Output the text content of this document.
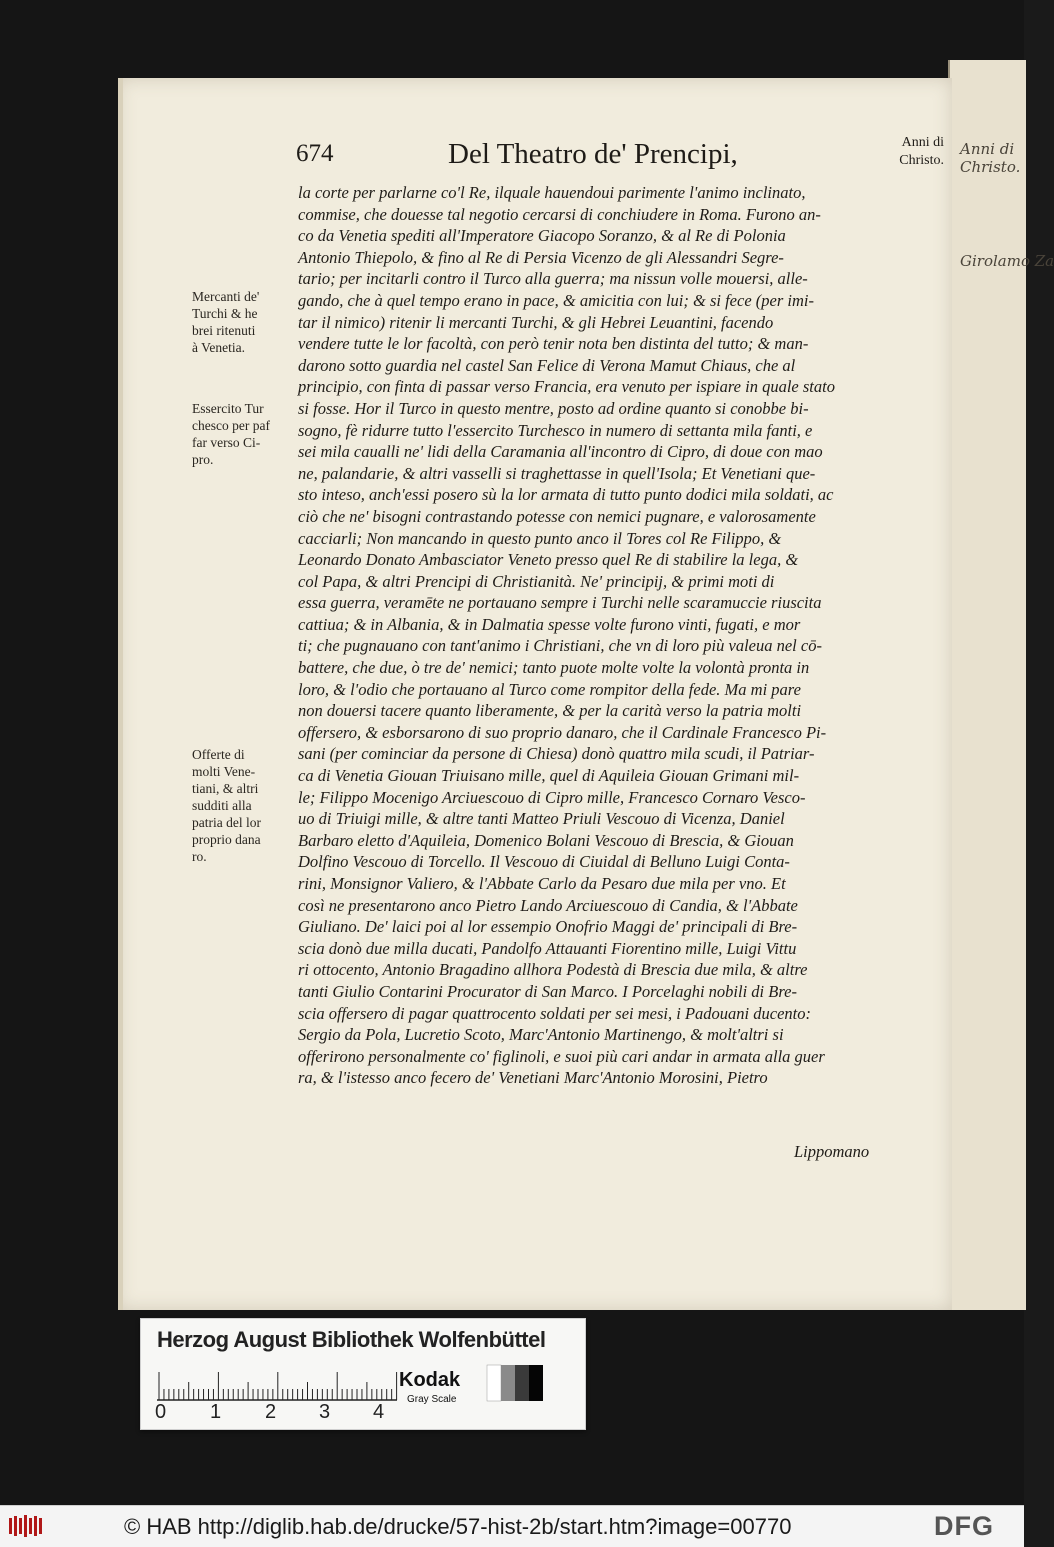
Anni di
Christo.
Girolamo Za
674	Del Theatro de' Prencipi,	Anni di
Christo.
Mercanti de'
Turchi & he
brei ritenuti
à Venetia.
Essercito Tur
chesco per paf
far verso Ci-
pro.
Offerte di
molti Vene-
tiani, & altri
sudditi alla
patria del lor
proprio dana
ro.
la corte per parlarne co'l Re, ilquale hauendoui parimente l'animo inclinato,
commise, che douesse tal negotio cercarsi di conchiudere in Roma. Furono an-
co da Venetia spediti all'Imperatore Giacopo Soranzo, & al Re di Polonia
Antonio Thiepolo, & fino al Re di Persia Vicenzo de gli Alessandri Segre-
tario; per incitarli contro il Turco alla guerra; ma nissun volle mouersi, alle-
gando, che à quel tempo erano in pace, & amicitia con lui; & si fece (per imi-
tar il nimico) ritenir li mercanti Turchi, & gli Hebrei Leuantini, facendo
vendere tutte le lor facoltà, con però tenir nota ben distinta del tutto; & man-
darono sotto guardia nel castel San Felice di Verona Mamut Chiaus, che al
principio, con finta di passar verso Francia, era venuto per ispiare in quale stato
si fosse. Hor il Turco in questo mentre, posto ad ordine quanto si conobbe bi-
sogno, fè ridurre tutto l'essercito Turchesco in numero di settanta mila fanti, e
sei mila caualli ne' lidi della Caramania all'incontro di Cipro, di doue con mao
ne, palandarie, & altri vasselli si traghettasse in quell'Isola; Et Venetiani que-
sto inteso, anch'essi posero sù la lor armata di tutto punto dodici mila soldati, ac
ciò che ne' bisogni contrastando potesse con nemici pugnare, e valorosamente
cacciarli; Non mancando in questo punto anco il Tores col Re Filippo, &
Leonardo Donato Ambasciator Veneto presso quel Re di stabilire la lega, &
col Papa, & altri Prencipi di Christianità. Ne' principij, & primi moti di
essa guerra, veramēte ne portauano sempre i Turchi nelle scaramuccie riuscita
cattiua; & in Albania, & in Dalmatia spesse volte furono vinti, fugati, e mor
ti; che pugnauano con tant'animo i Christiani, che vn di loro più valeua nel cō-
battere, che due, ò tre de' nemici; tanto puote molte volte la volontà pronta in
loro, & l'odio che portauano al Turco come rompitor della fede. Ma mi pare
non douersi tacere quanto liberamente, & per la carità verso la patria molti
offersero, & esborsarono di suo proprio danaro, che il Cardinale Francesco Pi-
sani (per cominciar da persone di Chiesa) donò quattro mila scudi, il Patriar-
ca di Venetia Giouan Triuisano mille, quel di Aquileia Giouan Grimani mil-
le; Filippo Mocenigo Arciuescouo di Cipro mille, Francesco Cornaro Vesco-
uo di Triuigi mille, & altre tanti Matteo Priuli Vescouo di Vicenza, Daniel
Barbaro eletto d'Aquileia, Domenico Bolani Vescouo di Brescia, & Giouan
Dolfino Vescouo di Torcello. Il Vescouo di Ciuidal di Belluno Luigi Conta-
rini, Monsignor Valiero, & l'Abbate Carlo da Pesaro due mila per vno. Et
così ne presentarono anco Pietro Lando Arciuescouo di Candia, & l'Abbate
Giuliano. De' laici poi al lor essempio Onofrio Maggi de' principali di Bre-
scia donò due milla ducati, Pandolfo Attauanti Fiorentino mille, Luigi Vittu
ri ottocento, Antonio Bragadino allhora Podestà di Brescia due mila, & altre
tanti Giulio Contarini Procurator di San Marco. I Porcelaghi nobili di Bre-
scia offersero di pagar quattrocento soldati per sei mesi, i Padouani ducento:
Sergio da Pola, Lucretio Scoto, Marc'Antonio Martinengo, & molt'altri si
offerirono personalmente co' figlinoli, e suoi più cari andar in armata alla guer
ra, & l'istesso anco fecero de' Venetiani Marc'Antonio Morosini, Pietro
Lippomano
Herzog August Bibliothek Wolfenbüttel
0 1 2 3 4
Kodak
Gray Scale
© HAB http://diglib.hab.de/drucke/57-hist-2b/start.htm?image=00770	DFG
